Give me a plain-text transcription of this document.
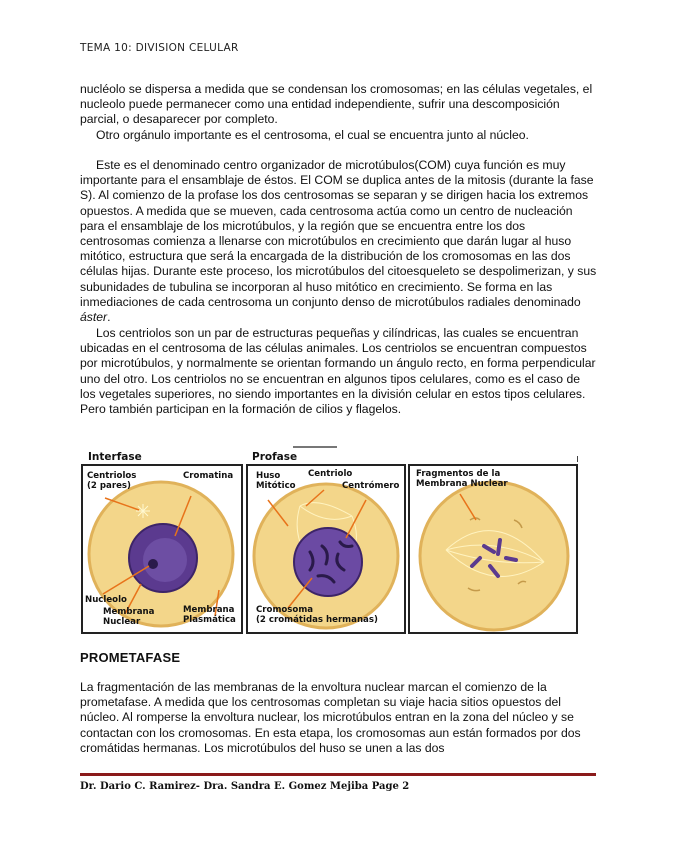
TEMA 10: DIVISION CELULAR

nucléolo se dispersa a medida que se condensan los cromosomas; en las células vegetales, el nucleolo puede permanecer como una entidad independiente, sufrir una descomposición parcial, o desaparecer por completo.

Otro orgánulo importante es el centrosoma, el cual se encuentra junto al núcleo.

Este es el denominado centro organizador de microtúbulos(COM) cuya función es muy importante para el ensamblaje de éstos. El COM se duplica antes de la mitosis (durante la fase S). Al comienzo de la profase los dos centrosomas se separan y se dirigen hacia los extremos opuestos. A medida que se mueven, cada centrosoma actúa como un centro de nucleación para el ensamblaje de los microtúbulos, y la región que se encuentra entre los dos centrosomas comienza a llenarse con microtúbulos en crecimiento que darán lugar al huso mitótico, estructura que será la encargada de la distribución de los cromosomas en las dos células hijas. Durante este proceso, los microtúbulos del citoesqueleto se despolimerizan, y sus subunidades de tubulina se incorporan al huso mitótico en crecimiento. Se forma en las inmediaciones de cada centrosoma un conjunto denso de microtúbulos radiales denominado áster.

Los centriolos son un par de estructuras pequeñas y cilíndricas, las cuales se encuentran ubicadas en el centrosoma de las células animales. Los centriolos se encuentran compuestos por microtúbulos, y normalmente se orientan formando un ángulo recto, en forma perpendicular uno del otro. Los centriolos no se encuentran en algunos tipos celulares, como es el caso de los vegetales superiores, no siendo importantes en la división celular en estos tipos celulares. Pero también participan en la formación de cilios y flagelos.

Interfase	Profase
Centriolos
(2 pares)
Cromatina
Nucleolo
Membrana
Nuclear
Membrana
Plasmática
Huso
Mitótico
Centriolo
Centrómero
Cromosoma
(2 cromátidas hermanas)
Fragmentos de la
Membrana Nuclear
PROMETAFASE

La fragmentación de las membranas de la envoltura nuclear marcan el comienzo de la prometafase. A medida que los centrosomas completan su viaje hacia sitios opuestos del núcleo. Al romperse la envoltura nuclear, los microtúbulos entran en la zona del núcleo y se contactan con los cromosomas. En esta etapa, los cromosomas aun están formados por dos cromátidas hermanas. Los microtúbulos del huso se unen a las dos

Dr. Dario C. Ramirez- Dra. Sandra E. Gomez Mejiba Page 2
